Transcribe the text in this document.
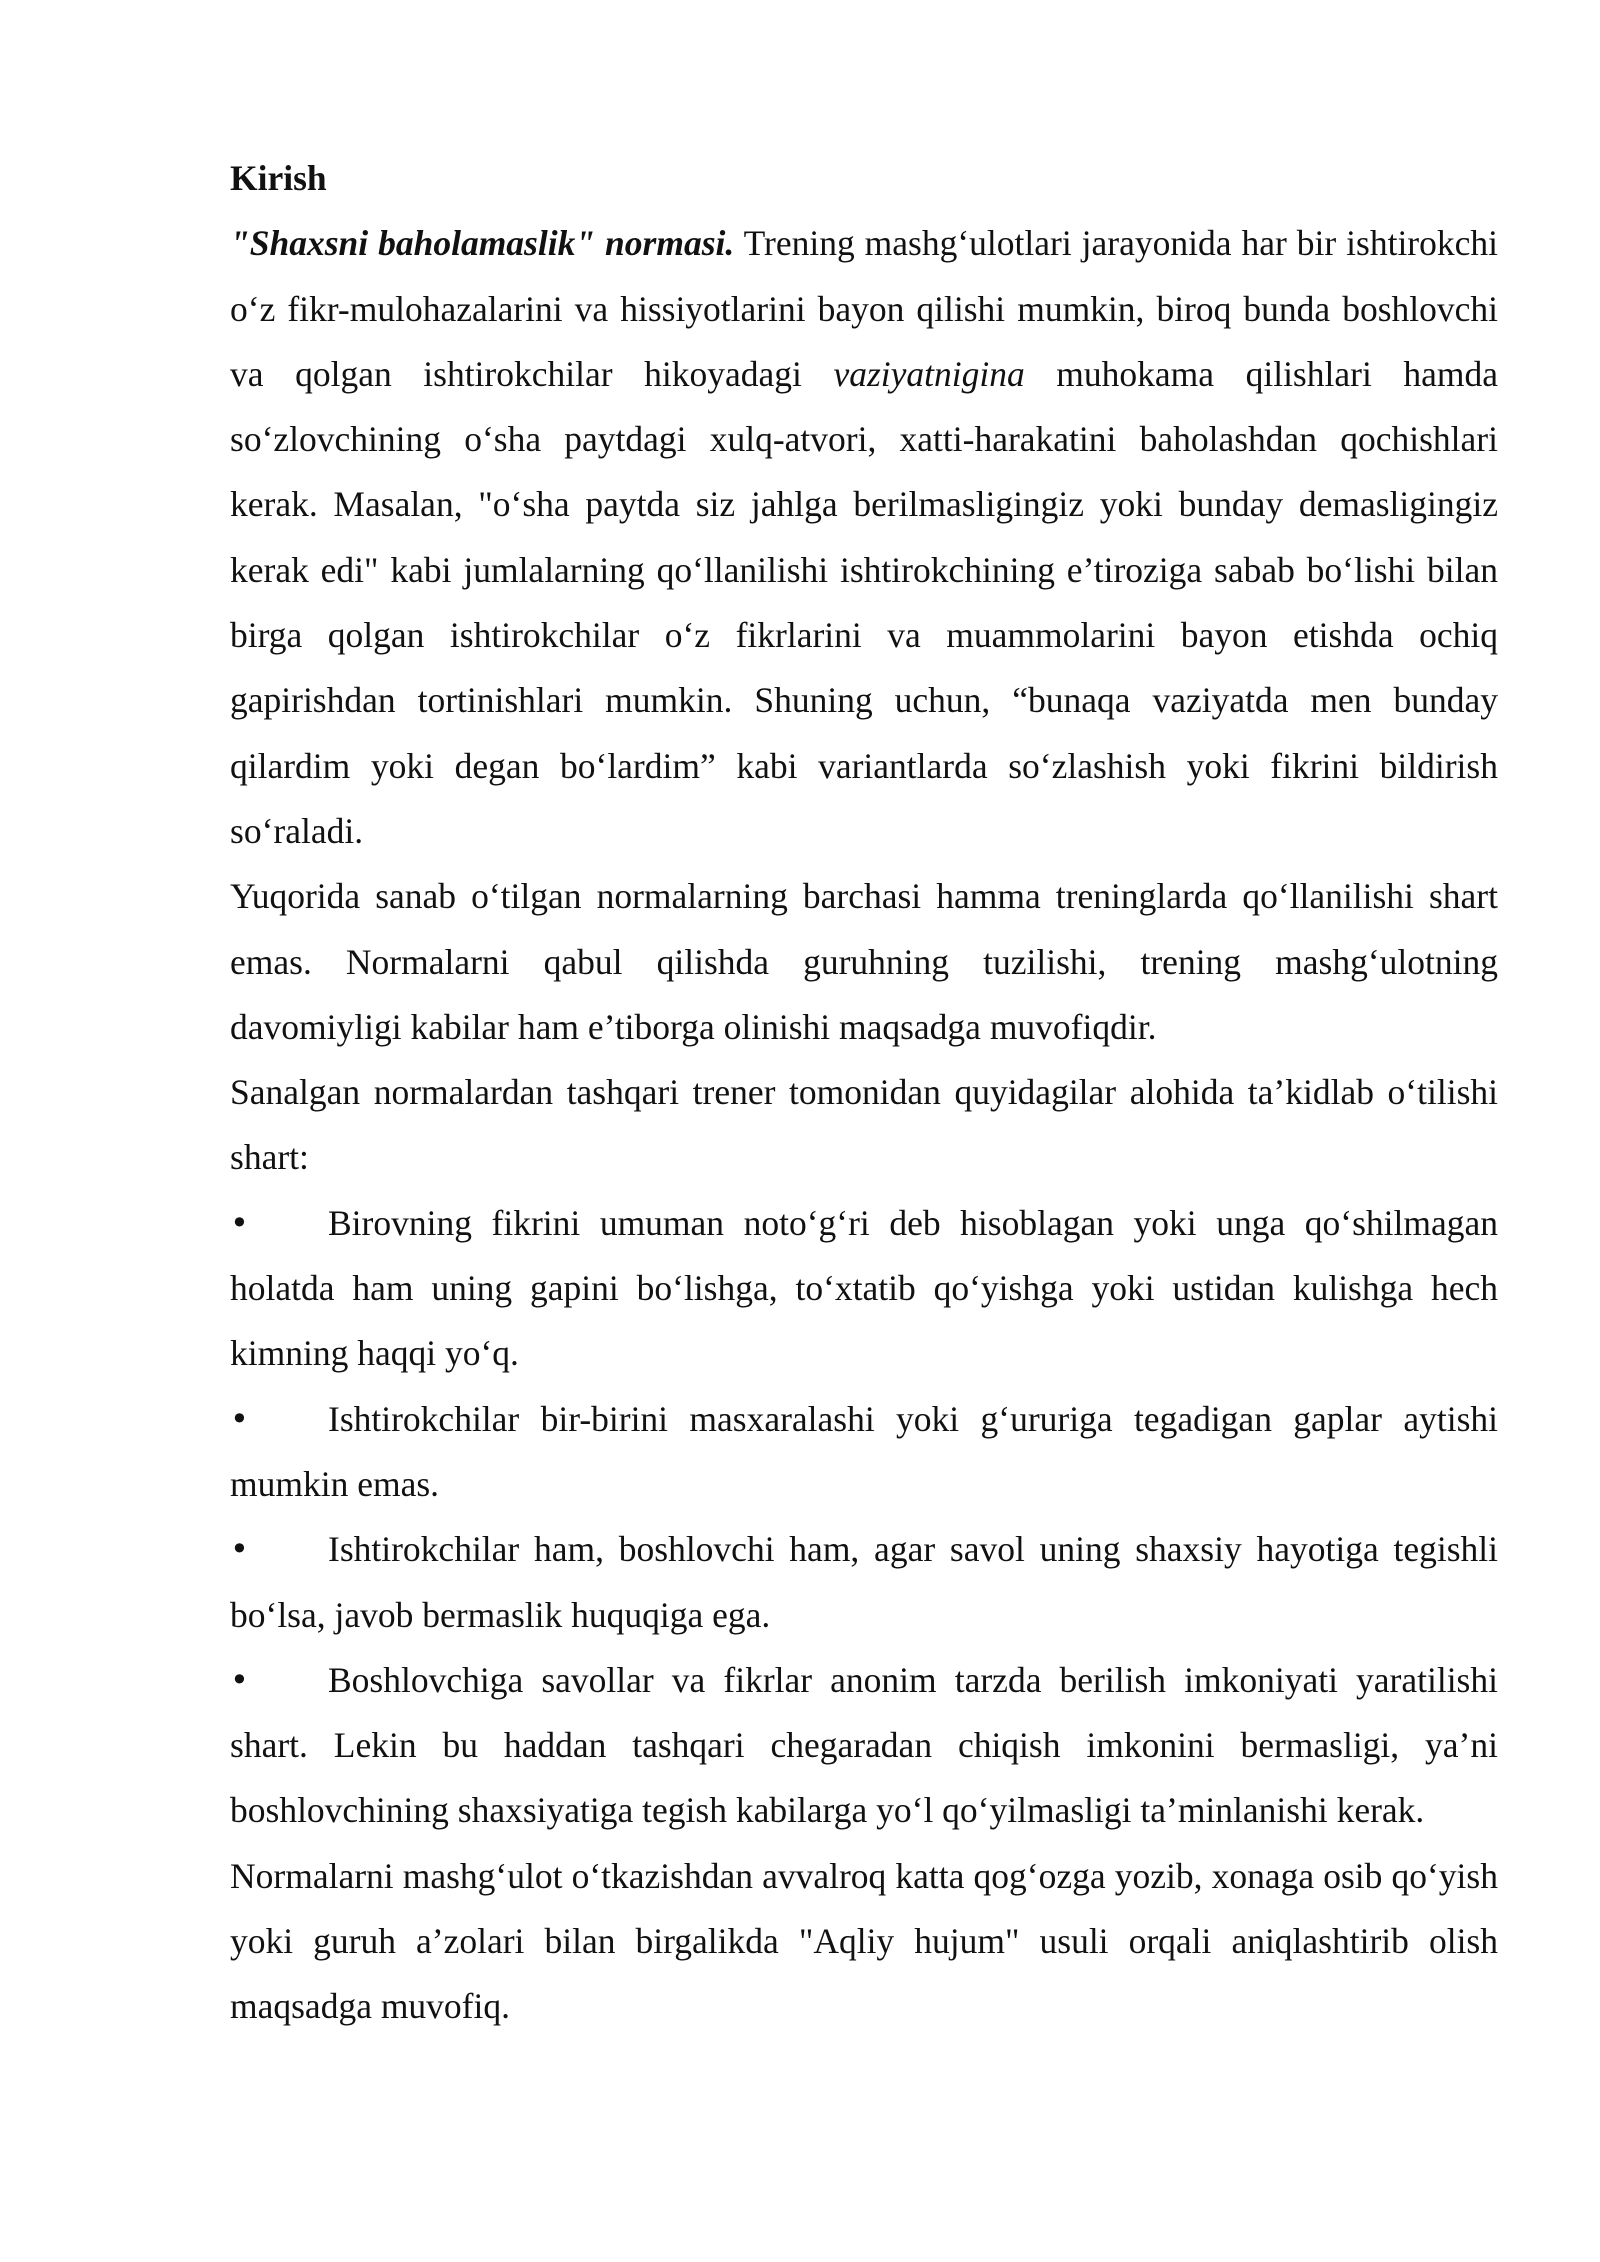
Kirish

"Shaxsni baholamaslik" normasi. Trening mashg‘ulotlari jarayonida har bir ishtirokchi o‘z fikr-mulohazalarini va hissiyotlarini bayon qilishi mumkin, biroq bunda boshlovchi va qolgan ishtirokchilar hikoyadagi vaziyatnigina muhokama qilishlari hamda so‘zlovchining o‘sha paytdagi xulq-atvori, xatti-harakatini baholashdan qochishlari kerak. Masalan, "o‘sha paytda siz jahlga berilmasligingiz yoki bunday demasligingiz kerak edi" kabi jumlalarning qo‘llanilishi ishtirokchining e’tiroziga sabab bo‘lishi bilan birga qolgan ishtirokchilar o‘z fikrlarini va muammolarini bayon etishda ochiq gapirishdan tortinishlari mumkin. Shuning uchun, “bunaqa vaziyatda men bunday qilardim yoki degan bo‘lardim” kabi variantlarda so‘zlashish yoki fikrini bildirish so‘raladi.

Yuqorida sanab o‘tilgan normalarning barchasi hamma treninglarda qo‘llanilishi shart emas. Normalarni qabul qilishda guruhning tuzilishi, trening mashg‘ulotning davomiyligi kabilar ham e’tiborga olinishi maqsadga muvofiqdir.

Sanalgan normalardan tashqari trener tomonidan quyidagilar alohida ta’kidlab o‘tilishi shart:

• Birovning fikrini umuman noto‘g‘ri deb hisoblagan yoki unga qo‘shilmagan holatda ham uning gapini bo‘lishga, to‘xtatib qo‘yishga yoki ustidan kulishga hech kimning haqqi yo‘q.

• Ishtirokchilar bir-birini masxaralashi yoki g‘ururiga tegadigan gaplar aytishi mumkin emas.

• Ishtirokchilar ham, boshlovchi ham, agar savol uning shaxsiy hayotiga tegishli bo‘lsa, javob bermaslik huquqiga ega.

• Boshlovchiga savollar va fikrlar anonim tarzda berilish imkoniyati yaratilishi shart. Lekin bu haddan tashqari chegaradan chiqish imkonini bermasligi, ya’ni boshlovchining shaxsiyatiga tegish kabilarga yo‘l qo‘yilmasligi ta’minlanishi kerak.

Normalarni mashg‘ulot o‘tkazishdan avvalroq katta qog‘ozga yozib, xonaga osib qo‘yish yoki guruh a’zolari bilan birgalikda "Aqliy hujum" usuli orqali aniqlashtirib olish maqsadga muvofiq.
